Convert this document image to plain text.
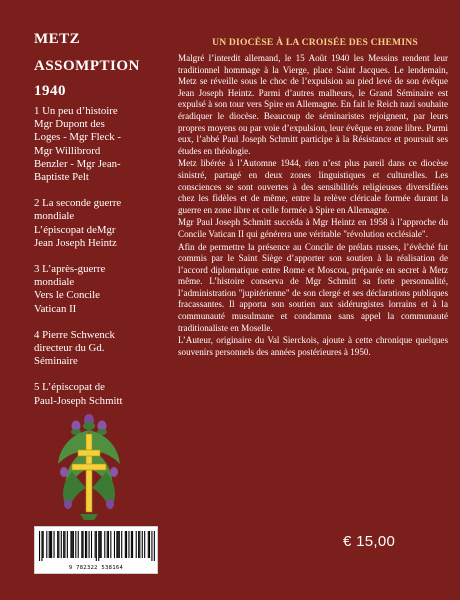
METZ
ASSOMPTION
1940
1 Un peu d’histoire
Mgr Dupont des
Loges - Mgr Fleck -
Mgr Willibrord
Benzler - Mgr Jean-
Baptiste Pelt
2 La seconde guerre
mondiale
L’épiscopat deMgr
Jean Joseph Heintz
3 L’après-guerre
mondiale
Vers le Concile
Vatican II
4 Pierre Schwenck
directeur du Gd.
Séminaire
5 L’épiscopat de
Paul-Joseph Schmitt
9 782322 538164
UN DIOCÈSE À LA CROISÉE DES CHEMINS

Malgré l’interdit allemand, le 15 Août 1940 les Messins rendent leur traditionnel hommage à la Vierge, place Saint Jacques. Le lendemain, Metz se réveille sous le choc de l’expulsion au pied levé de son évêque Jean Joseph Heintz. Parmi d’autres malheurs, le Grand Séminaire est expulsé à son tour vers Spire en Allemagne. En fait le Reich nazi souhaite éradiquer le diocèse. Beaucoup de séminaristes rejoignent, par leurs propres moyens ou par voie d’expulsion, leur évêque en zone libre. Parmi eux, l’abbé Paul Joseph Schmitt participe à la Résistance et poursuit ses études en théologie.

Metz libérée à l’Automne 1944, rien n’est plus pareil dans ce diocèse sinistré, partagé en deux zones linguistiques et culturelles. Les consciences se sont ouvertes à des sensibilités religieuses diversifiées chez les fidèles et de même, entre la relève cléricale formée durant la guerre en zone libre et celle formée à Spire en Allemagne.

Mgr Paul Joseph Schmitt succéda à Mgr Heintz en 1958 à l’approche du Concile Vatican II qui générera une véritable "révolution ecclésiale".

Afin de permettre la présence au Concile de prélats russes, l’évêché fut commis par le Saint Siège d’apporter son soutien à la réalisation de l’accord diplomatique entre Rome et Moscou, préparée en secret à Metz même. L’histoire conserva de Mgr Schmitt sa forte personnalité, l’administration "jupitérienne" de son clergé et ses déclarations publiques fracassantes. Il apporta son soutien aux sidérurgistes lorrains et à la communauté musulmane et condamna sans appel la communauté traditionaliste en Moselle.

L’Auteur, originaire du Val Sierckois, ajoute à cette chronique quelques souvenirs personnels des années postérieures à 1950.

€ 15,00
